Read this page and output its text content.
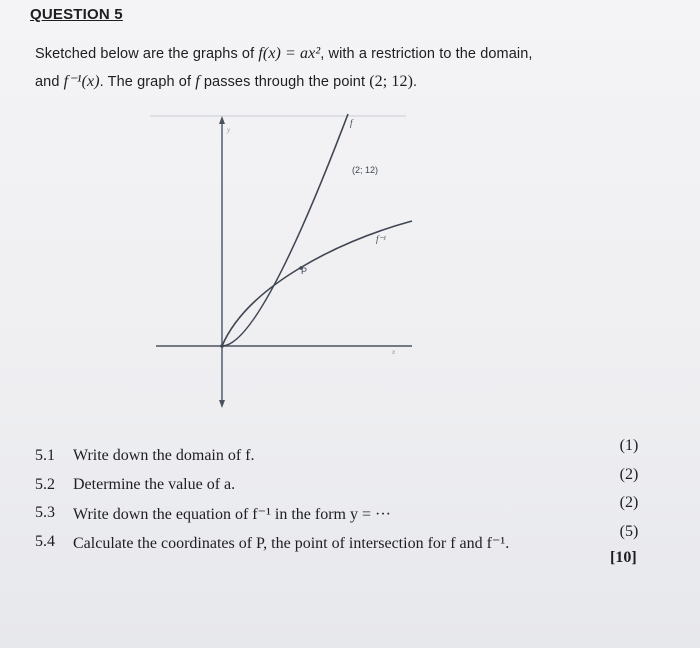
QUESTION 5
Sketched below are the graphs of f(x) = ax², with a restriction to the domain,
and f⁻¹(x). The graph of f passes through the point (2; 12).
y
x
P
f
(2; 12)
f⁻¹
5.1 Write down the domain of f.
(1)
5.2 Determine the value of a.
(2)
5.3 Write down the equation of f⁻¹ in the form y = ···
(2)
5.4 Calculate the coordinates of P, the point of intersection for f and f⁻¹.
(5)
[10]
